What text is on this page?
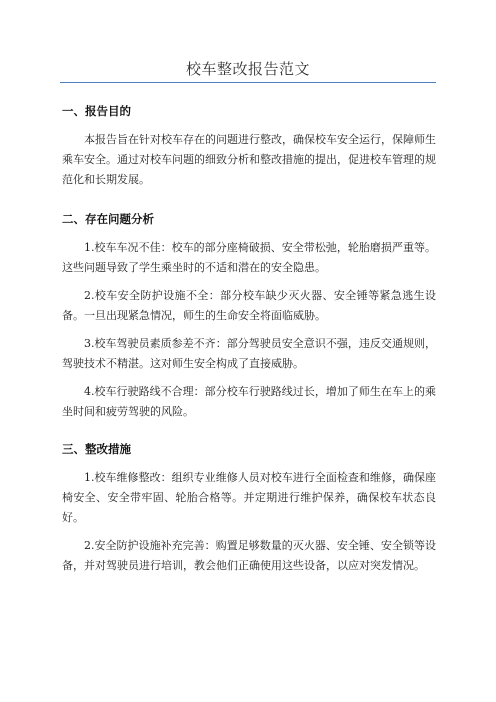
校车整改报告范文
一、报告目的

本报告旨在针对校车存在的问题进行整改，确保校车安全运行，保障师生乘车安全。通过对校车问题的细致分析和整改措施的提出，促进校车管理的规范化和长期发展。

二、存在问题分析

1.校车车况不佳：校车的部分座椅破损、安全带松弛，轮胎磨损严重等。这些问题导致了学生乘坐时的不适和潜在的安全隐患。

2.校车安全防护设施不全：部分校车缺少灭火器、安全锤等紧急逃生设备。一旦出现紧急情况，师生的生命安全将面临威胁。

3.校车驾驶员素质参差不齐：部分驾驶员安全意识不强，违反交通规则，驾驶技术不精湛。这对师生安全构成了直接威胁。

4.校车行驶路线不合理：部分校车行驶路线过长，增加了师生在车上的乘坐时间和疲劳驾驶的风险。

三、整改措施

1.校车维修整改：组织专业维修人员对校车进行全面检查和维修，确保座椅安全、安全带牢固、轮胎合格等。并定期进行维护保养，确保校车状态良好。

2.安全防护设施补充完善：购置足够数量的灭火器、安全锤、安全锁等设备，并对驾驶员进行培训，教会他们正确使用这些设备，以应对突发情况。
